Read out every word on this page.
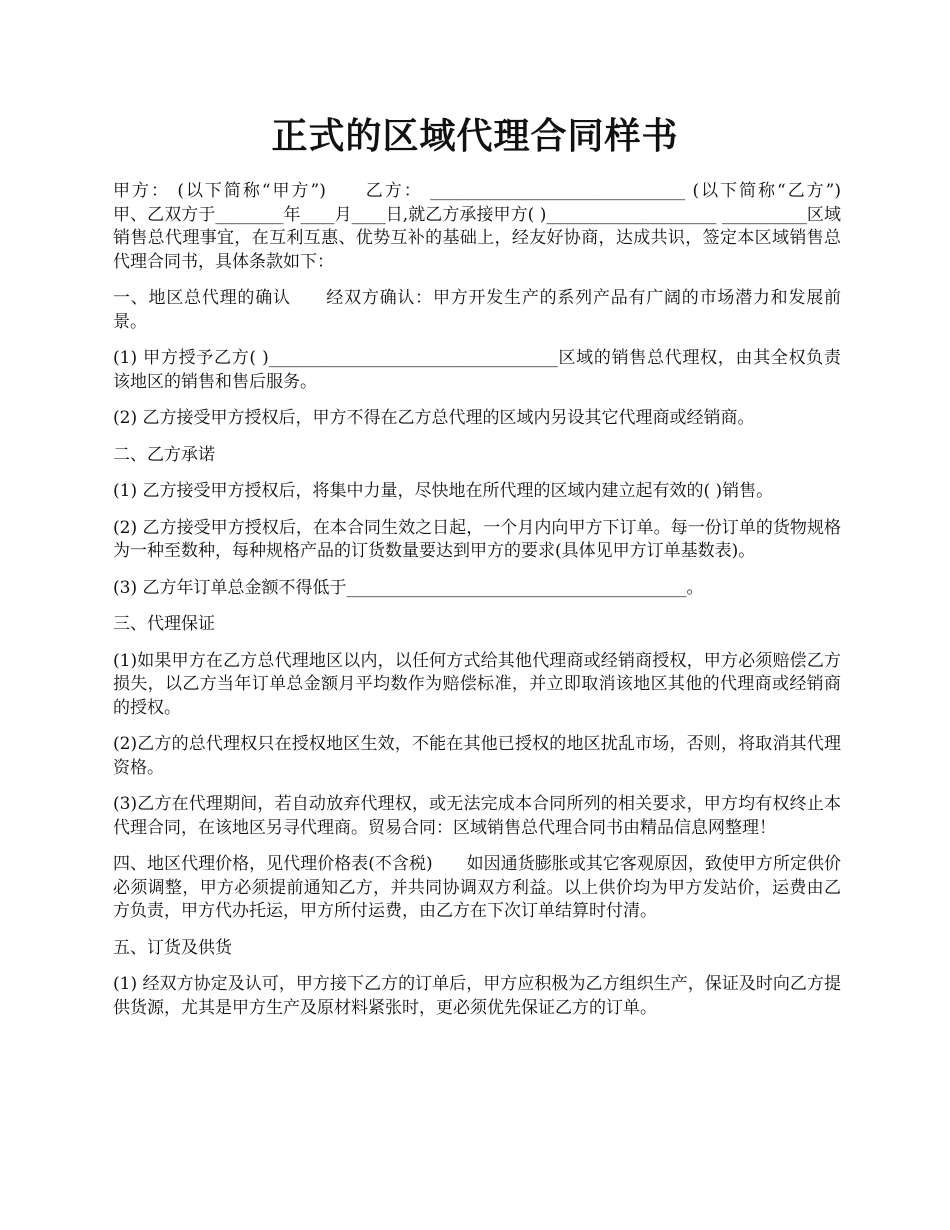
正式的区域代理合同样书

甲方： (以下简称“甲方”)　　乙方： ______________________________ (以下简称“乙方”)　　甲、乙双方于________年____月____日,就乙方承接甲方( )____________________ __________区域销售总代理事宜，在互利互惠、优势互补的基础上，经友好协商，达成共识，签定本区域销售总代理合同书，具体条款如下：

一、地区总代理的确认　　经双方确认：甲方开发生产的系列产品有广阔的市场潜力和发展前景。

(1) 甲方授予乙方( )__________________________________区域的销售总代理权，由其全权负责该地区的销售和售后服务。

(2) 乙方接受甲方授权后，甲方不得在乙方总代理的区域内另设其它代理商或经销商。

二、乙方承诺

(1) 乙方接受甲方授权后，将集中力量，尽快地在所代理的区域内建立起有效的( )销售。

(2) 乙方接受甲方授权后，在本合同生效之日起，一个月内向甲方下订单。每一份订单的货物规格为一种至数种，每种规格产品的订货数量要达到甲方的要求(具体见甲方订单基数表)。

(3) 乙方年订单总金额不得低于________________________________________。

三、代理保证

(1)如果甲方在乙方总代理地区以内，以任何方式给其他代理商或经销商授权，甲方必须赔偿乙方损失，以乙方当年订单总金额月平均数作为赔偿标准，并立即取消该地区其他的代理商或经销商的授权。

(2)乙方的总代理权只在授权地区生效，不能在其他已授权的地区扰乱市场，否则，将取消其代理资格。

(3)乙方在代理期间，若自动放弃代理权，或无法完成本合同所列的相关要求，甲方均有权终止本代理合同，在该地区另寻代理商。贸易合同：区域销售总代理合同书由精品信息网整理！

四、地区代理价格，见代理价格表(不含税)　　如因通货膨胀或其它客观原因，致使甲方所定供价必须调整，甲方必须提前通知乙方，并共同协调双方利益。以上供价均为甲方发站价，运费由乙方负责，甲方代办托运，甲方所付运费，由乙方在下次订单结算时付清。

五、订货及供货

(1) 经双方协定及认可，甲方接下乙方的订单后，甲方应积极为乙方组织生产，保证及时向乙方提供货源，尤其是甲方生产及原材料紧张时，更必须优先保证乙方的订单。
